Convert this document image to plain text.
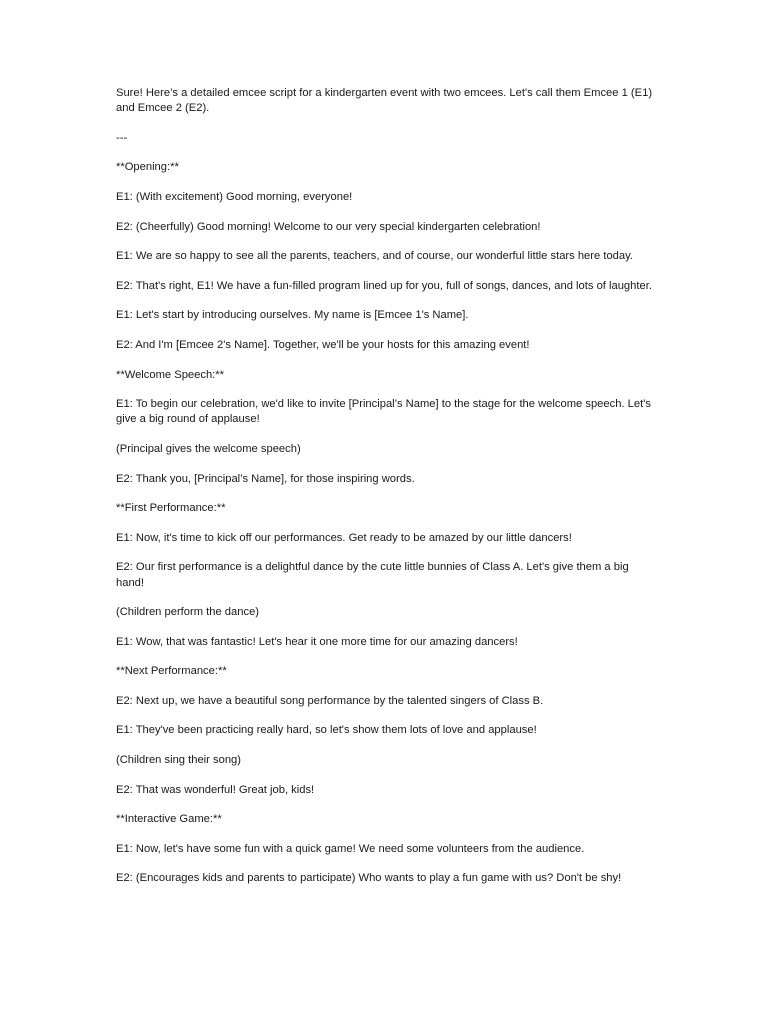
Sure! Here’s a detailed emcee script for a kindergarten event with two emcees. Let's call them Emcee 1 (E1) and Emcee 2 (E2).

---

**Opening:**

E1: (With excitement) Good morning, everyone!

E2: (Cheerfully) Good morning! Welcome to our very special kindergarten celebration!

E1: We are so happy to see all the parents, teachers, and of course, our wonderful little stars here today.

E2: That's right, E1! We have a fun-filled program lined up for you, full of songs, dances, and lots of laughter.

E1: Let's start by introducing ourselves. My name is [Emcee 1's Name].

E2: And I'm [Emcee 2's Name]. Together, we'll be your hosts for this amazing event!

**Welcome Speech:**

E1: To begin our celebration, we'd like to invite [Principal’s Name] to the stage for the welcome speech. Let's give a big round of applause!

(Principal gives the welcome speech)

E2: Thank you, [Principal’s Name], for those inspiring words.

**First Performance:**

E1: Now, it's time to kick off our performances. Get ready to be amazed by our little dancers!

E2: Our first performance is a delightful dance by the cute little bunnies of Class A. Let's give them a big hand!

(Children perform the dance)

E1: Wow, that was fantastic! Let's hear it one more time for our amazing dancers!

**Next Performance:**

E2: Next up, we have a beautiful song performance by the talented singers of Class B.

E1: They've been practicing really hard, so let's show them lots of love and applause!

(Children sing their song)

E2: That was wonderful! Great job, kids!

**Interactive Game:**

E1: Now, let's have some fun with a quick game! We need some volunteers from the audience.

E2: (Encourages kids and parents to participate) Who wants to play a fun game with us? Don't be shy!
